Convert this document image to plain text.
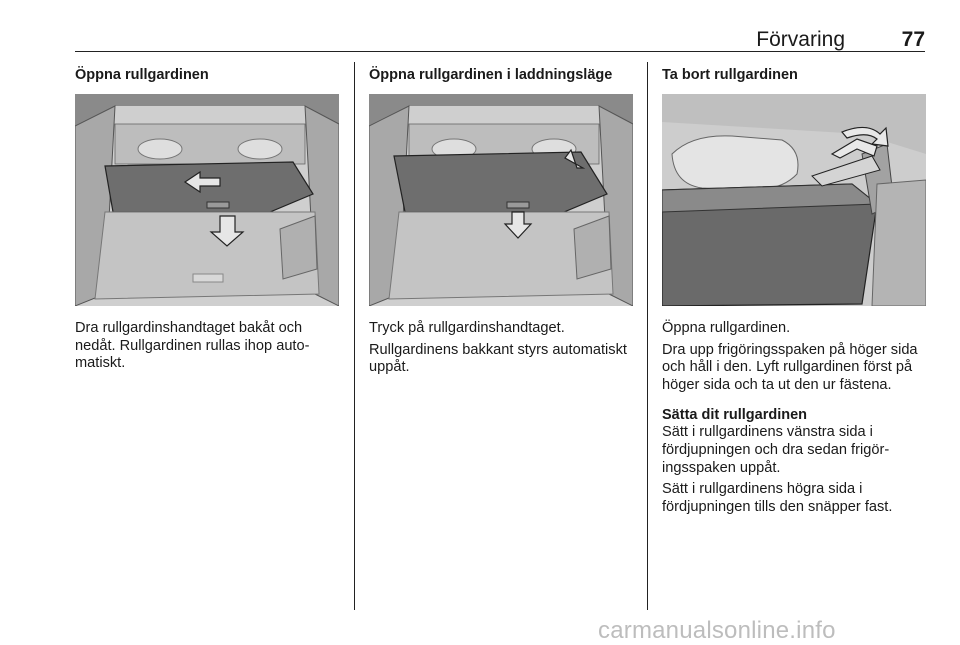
Förvaring	77
Öppna rullgardinen

Dra rullgardinshandtaget bakåt och nedåt. Rullgardinen rullas ihop automatiskt.

Öppna rullgardinen i laddningsläge

Tryck på rullgardinshandtaget.

Rullgardinens bakkant styrs automatiskt uppåt.

Ta bort rullgardinen

Öppna rullgardinen.

Dra upp frigöringsspaken på höger sida och håll i den. Lyft rullgardinen först på höger sida och ta ut den ur fästena.

Sätta dit rullgardinen

Sätt i rullgardinens vänstra sida i fördjupningen och dra sedan frigöringsspaken uppåt.

Sätt i rullgardinens högra sida i fördjupningen tills den snäpper fast.

carmanualsonline.info
